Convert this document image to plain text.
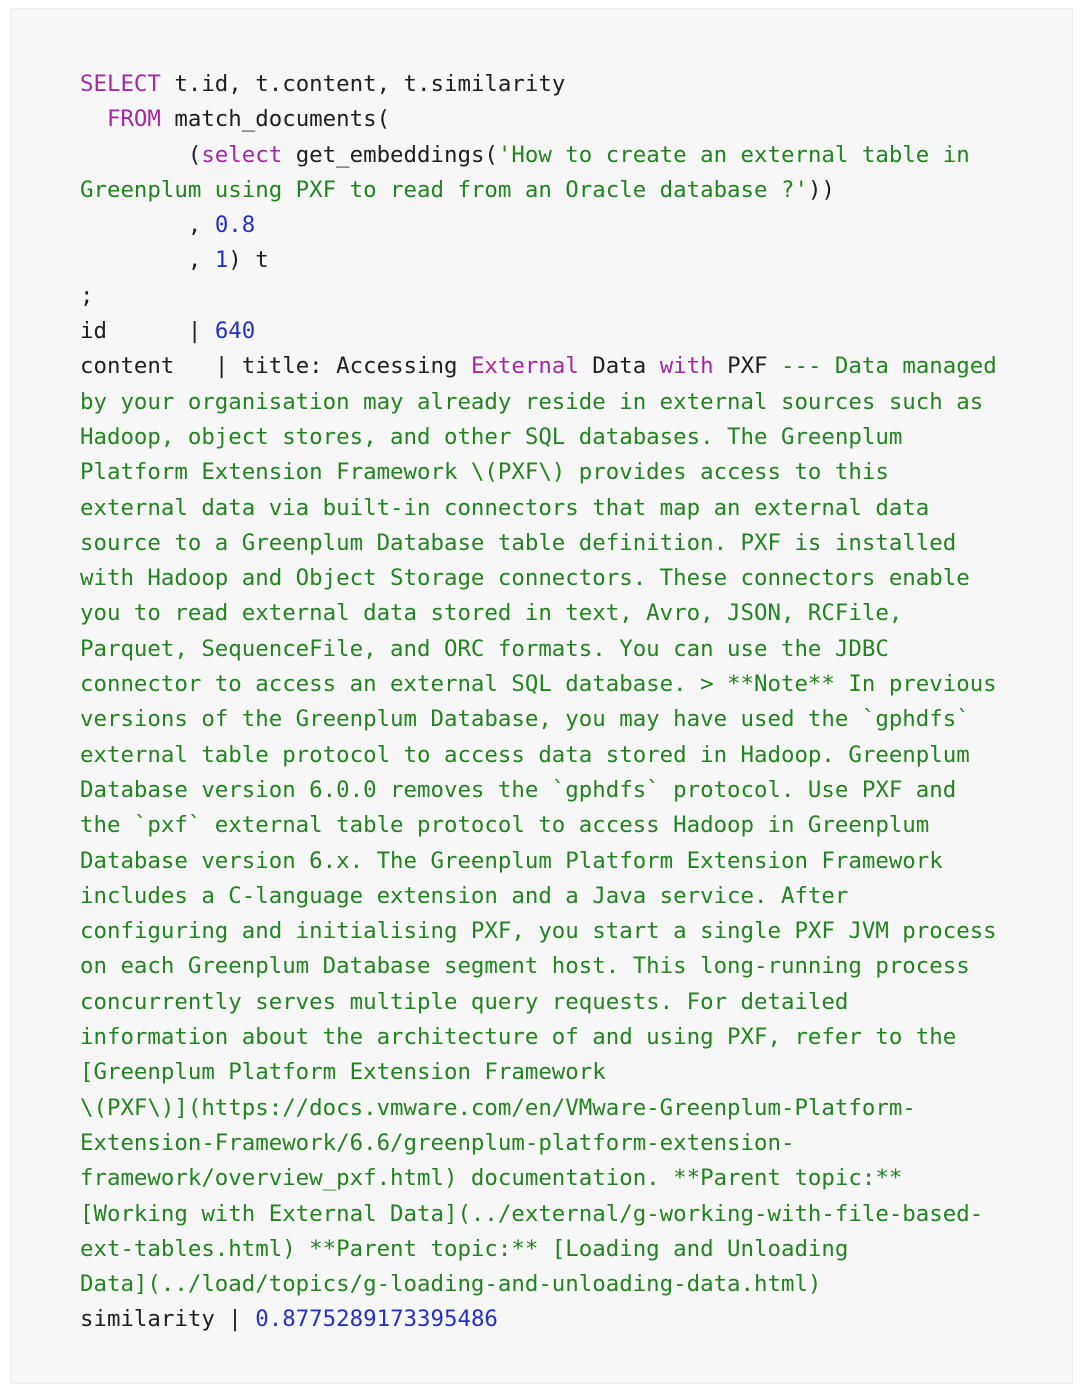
SELECT t.id, t.content, t.similarity
FROM match_documents(
(select get_embeddings('How to create an external table in
Greenplum using PXF to read from an Oracle database ?'))
, 0.8
, 1) t
;
id      | 640
content   | title: Accessing External Data with PXF --- Data managed
by your organisation may already reside in external sources such as
Hadoop, object stores, and other SQL databases. The Greenplum
Platform Extension Framework \(PXF\) provides access to this
external data via built-in connectors that map an external data
source to a Greenplum Database table definition. PXF is installed
with Hadoop and Object Storage connectors. These connectors enable
you to read external data stored in text, Avro, JSON, RCFile,
Parquet, SequenceFile, and ORC formats. You can use the JDBC
connector to access an external SQL database. > **Note** In previous
versions of the Greenplum Database, you may have used the `gphdfs`
external table protocol to access data stored in Hadoop. Greenplum
Database version 6.0.0 removes the `gphdfs` protocol. Use PXF and
the `pxf` external table protocol to access Hadoop in Greenplum
Database version 6.x. The Greenplum Platform Extension Framework
includes a C-language extension and a Java service. After
configuring and initialising PXF, you start a single PXF JVM process
on each Greenplum Database segment host. This long-running process
concurrently serves multiple query requests. For detailed
information about the architecture of and using PXF, refer to the
[Greenplum Platform Extension Framework
\(PXF\)](https://docs.vmware.com/en/VMware-Greenplum-Platform-
Extension-Framework/6.6/greenplum-platform-extension-
framework/overview_pxf.html) documentation. **Parent topic:**
[Working with External Data](../external/g-working-with-file-based-
ext-tables.html) **Parent topic:** [Loading and Unloading
Data](../load/topics/g-loading-and-unloading-data.html)
similarity | 0.8775289173395486
